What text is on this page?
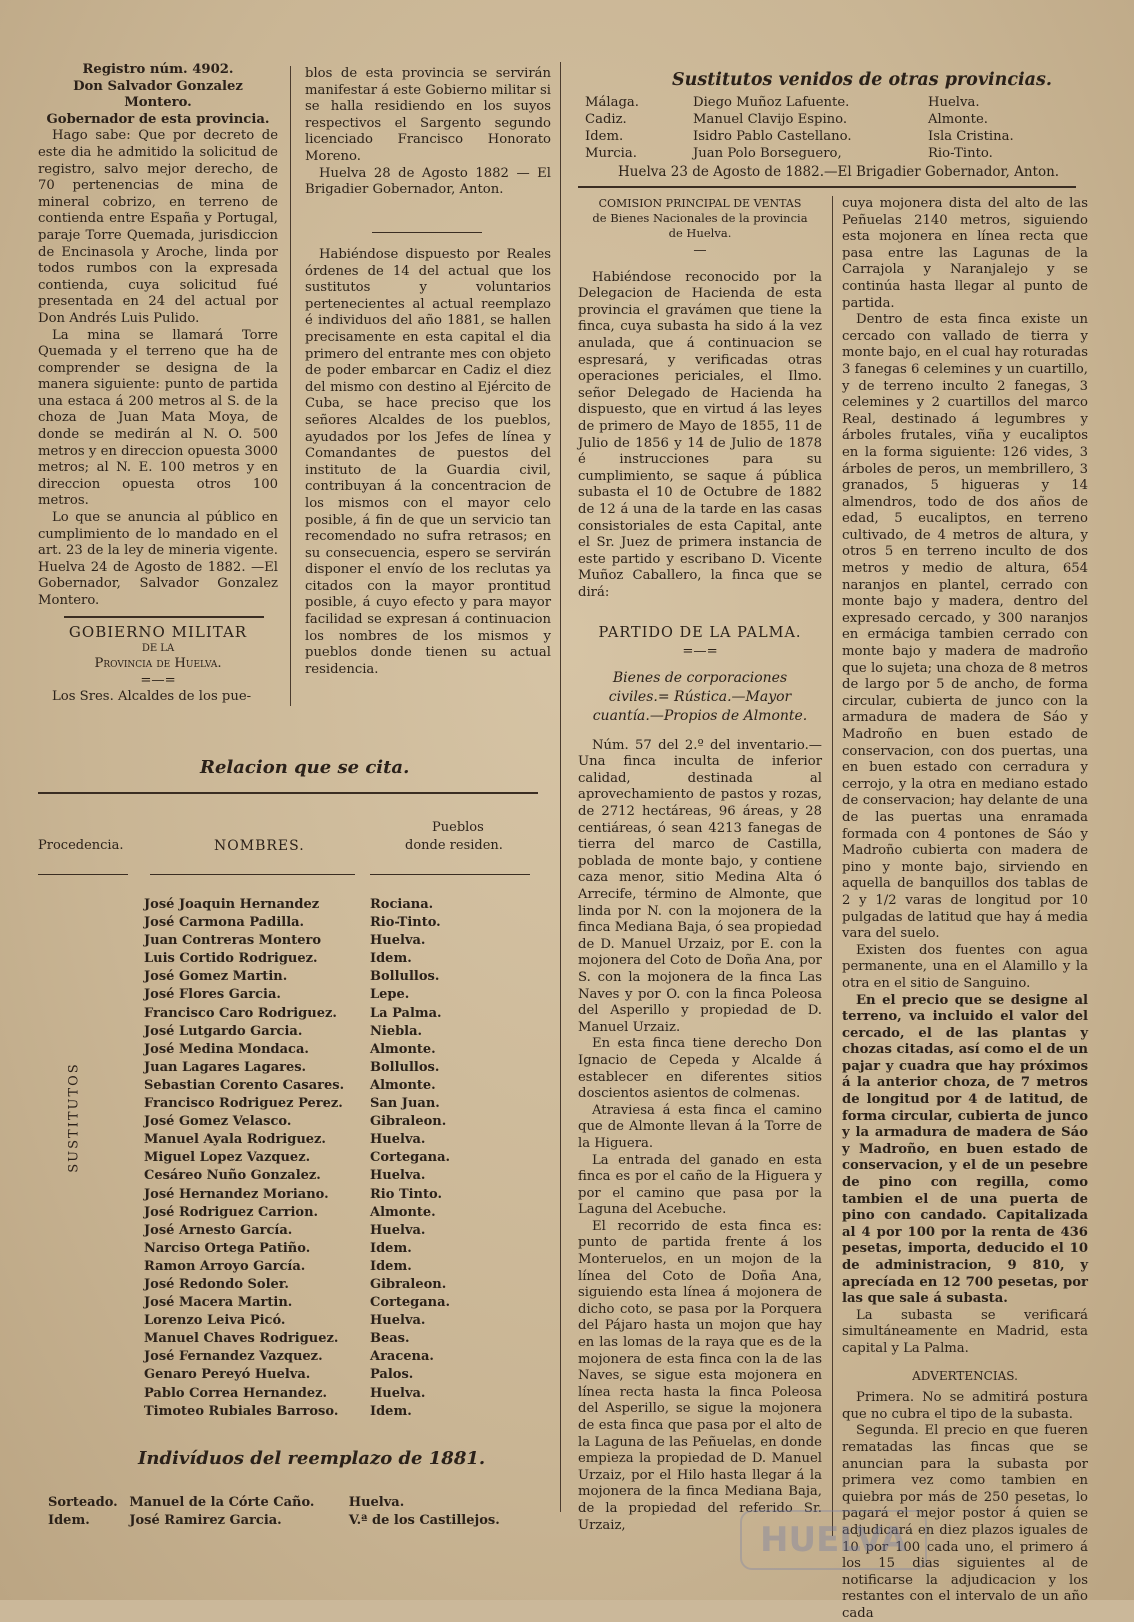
Registro núm. 4902.

Don Salvador Gonzalez Montero.

Gobernador de esta provincia.

Hago sabe: Que por decreto de este dia he admitido la solicitud de registro, salvo mejor derecho, de 70 pertenencias de mina de mineral cobrizo, en terreno de contienda entre España y Portugal, paraje Torre Quemada, jurisdiccion de Encinasola y Aroche, linda por todos rumbos con la expresada contienda, cuya solicitud fué presentada en 24 del actual por Don Andrés Luis Pulido.

La mina se llamará Torre Quemada y el terreno que ha de comprender se designa de la manera siguiente: punto de partida una estaca á 200 metros al S. de la choza de Juan Mata Moya, de donde se medirán al N. O. 500 metros y en direccion opuesta 3000 metros; al N. E. 100 metros y en direccion opuesta otros 100 metros.

Lo que se anuncia al público en cumplimiento de lo mandado en el art. 23 de la ley de mineria vigente. Huelva 24 de Agosto de 1882. —El Gobernador, Salvador Gonzalez Montero.

GOBIERNO MILITAR

DE LA

Provincia de Huelva.

=—=

Los Sres. Alcaldes de los pue-

blos de esta provincia se servirán manifestar á este Gobierno militar si se halla residiendo en los suyos respectivos el Sargento segundo licenciado Francisco Honorato Moreno.

Huelva 28 de Agosto 1882 — El Brigadier Gobernador, Anton.

Habiéndose dispuesto por Reales órdenes de 14 del actual que los sustitutos y voluntarios pertenecientes al actual reemplazo é individuos del año 1881, se hallen precisamente en esta capital el dia primero del entrante mes con objeto de poder embarcar en Cadiz el diez del mismo con destino al Ejército de Cuba, se hace preciso que los señores Alcaldes de los pueblos, ayudados por los Jefes de línea y Comandantes de puestos del instituto de la Guardia civil, contribuyan á la concentracion de los mismos con el mayor celo posible, á fin de que un servicio tan recomendado no sufra retrasos; en su consecuencia, espero se servirán disponer el envío de los reclutas ya citados con la mayor prontitud posible, á cuyo efecto y para mayor facilidad se expresan á continuacion los nombres de los mismos y pueblos donde tienen su actual residencia.

Relacion que se cita.
Procedencia.	NOMBRES.
Pueblos
donde residen.
SUSTITUTOS
José Joaquin Hernandez	Rociana.
José Carmona Padilla.	Rio-Tinto.
Juan Contreras Montero	Huelva.
Luis Cortido Rodriguez.	Idem.
José Gomez Martin.	Bollullos.
José Flores Garcia.	Lepe.
Francisco Caro Rodriguez.	La Palma.
José Lutgardo Garcia.	Niebla.
José Medina Mondaca.	Almonte.
Juan Lagares Lagares.	Bollullos.
Sebastian Corento Casares.	Almonte.
Francisco Rodriguez Perez.	San Juan.
José Gomez Velasco.	Gibraleon.
Manuel Ayala Rodriguez.	Huelva.
Miguel Lopez Vazquez.	Cortegana.
Cesáreo Nuño Gonzalez.	Huelva.
José Hernandez Moriano.	Rio Tinto.
José Rodriguez Carrion.	Almonte.
José Arnesto García.	Huelva.
Narciso Ortega Patiño.	Idem.
Ramon Arroyo García.	Idem.
José Redondo Soler.	Gibraleon.
José Macera Martin.	Cortegana.
Lorenzo Leiva Picó.	Huelva.
Manuel Chaves Rodriguez.	Beas.
José Fernandez Vazquez.	Aracena.
Genaro Pereyó Huelva.	Palos.
Pablo Correa Hernandez.	Huelva.
Timoteo Rubiales Barroso.	Idem.
Indivíduos del reemplazo de 1881.
Sorteado. Manuel de la Córte Caño.	Huelva.
Idem.	José Ramirez Garcia.	V.ª de los Castillejos.
Sustitutos venidos de otras provincias.
Málaga.	Diego Muñoz Lafuente.	Huelva.
Cadiz.	Manuel Clavijo Espino.	Almonte.
Idem.	Isidro Pablo Castellano.	Isla Cristina.
Murcia.	Juan Polo Borseguero,	Rio-Tinto.
Huelva 23 de Agosto de 1882.—El Brigadier Gobernador, Anton.

COMISION PRINCIPAL DE VENTAS

de Bienes Nacionales de la provincia

de Huelva.

—

Habiéndose reconocido por la Delegacion de Hacienda de esta provincia el gravámen que tiene la finca, cuya subasta ha sido á la vez anulada, que á continuacion se espresará, y verificadas otras operaciones periciales, el Ilmo. señor Delegado de Hacienda ha dispuesto, que en virtud á las leyes de primero de Mayo de 1855, 11 de Julio de 1856 y 14 de Julio de 1878 é instrucciones para su cumplimiento, se saque á pública subasta el 10 de Octubre de 1882 de 12 á una de la tarde en las casas consistoriales de esta Capital, ante el Sr. Juez de primera instancia de este partido y escribano D. Vicente Muñoz Caballero, la finca que se dirá:

PARTIDO DE LA PALMA.

=—=

Bienes de corporaciones civiles.= Rústica.—Mayor cuantía.—Propios de Almonte.

Núm. 57 del 2.º del inventario.—Una finca inculta de inferior calidad, destinada al aprovechamiento de pastos y rozas, de 2712 hectáreas, 96 áreas, y 28 centiáreas, ó sean 4213 fanegas de tierra del marco de Castilla, poblada de monte bajo, y contiene caza menor, sitio Medina Alta ó Arrecife, término de Almonte, que linda por N. con la mojonera de la finca Mediana Baja, ó sea propiedad de D. Manuel Urzaiz, por E. con la mojonera del Coto de Doña Ana, por S. con la mojonera de la finca Las Naves y por O. con la finca Poleosa del Asperillo y propiedad de D. Manuel Urzaiz.

En esta finca tiene derecho Don Ignacio de Cepeda y Alcalde á establecer en diferentes sitios doscientos asientos de colmenas.

Atraviesa á esta finca el camino que de Almonte llevan á la Torre de la Higuera.

La entrada del ganado en esta finca es por el caño de la Higuera y por el camino que pasa por la Laguna del Acebuche.

El recorrido de esta finca es: punto de partida frente á los Monteruelos, en un mojon de la línea del Coto de Doña Ana, siguiendo esta línea á mojonera de dicho coto, se pasa por la Porquera del Pájaro hasta un mojon que hay en las lomas de la raya que es de la mojonera de esta finca con la de las Naves, se sigue esta mojonera en línea recta hasta la finca Poleosa del Asperillo, se sigue la mojonera de esta finca que pasa por el alto de la Laguna de las Peñuelas, en donde empieza la propiedad de D. Manuel Urzaiz, por el Hilo hasta llegar á la mojonera de la finca Mediana Baja, de la propiedad del referido Sr. Urzaiz,

cuya mojonera dista del alto de las Peñuelas 2140 metros, siguiendo esta mojonera en línea recta que pasa entre las Lagunas de la Carrajola y Naranjalejo y se continúa hasta llegar al punto de partida.

Dentro de esta finca existe un cercado con vallado de tierra y monte bajo, en el cual hay roturadas 3 fanegas 6 celemines y un cuartillo, y de terreno inculto 2 fanegas, 3 celemines y 2 cuartillos del marco Real, destinado á legumbres y árboles frutales, viña y eucaliptos en la forma siguiente: 126 vides, 3 árboles de peros, un membrillero, 3 granados, 5 higueras y 14 almendros, todo de dos años de edad, 5 eucaliptos, en terreno cultivado, de 4 metros de altura, y otros 5 en terreno inculto de dos metros y medio de altura, 654 naranjos en plantel, cerrado con monte bajo y madera, dentro del expresado cercado, y 300 naranjos en ermáciga tambien cerrado con monte bajo y madera de madroño que lo sujeta; una choza de 8 metros de largo por 5 de ancho, de forma circular, cubierta de junco con la armadura de madera de Sáo y Madroño en buen estado de conservacion, con dos puertas, una en buen estado con cerradura y cerrojo, y la otra en mediano estado de conservacion; hay delante de una de las puertas una enramada formada con 4 pontones de Sáo y Madroño cubierta con madera de pino y monte bajo, sirviendo en aquella de banquillos dos tablas de 2 y 1/2 varas de longitud por 10 pulgadas de latitud que hay á media vara del suelo.

Existen dos fuentes con agua permanente, una en el Alamillo y la otra en el sitio de Sanguino.

En el precio que se designe al terreno, va incluido el valor del cercado, el de las plantas y chozas citadas, así como el de un pajar y cuadra que hay próximos á la anterior choza, de 7 metros de longitud por 4 de latitud, de forma circular, cubierta de junco y la armadura de madera de Sáo y Madroño, en buen estado de conservacion, y el de un pesebre de pino con regilla, como tambien el de una puerta de pino con candado. Capitalizada al 4 por 100 por la renta de 436 pesetas, importa, deducido el 10 de administracion, 9 810, y aprecíada en 12 700 pesetas, por las que sale á subasta.

La subasta se verificará simultáneamente en Madrid, esta capital y La Palma.

ADVERTENCIAS.

Primera. No se admitirá postura que no cubra el tipo de la subasta.

Segunda. El precio en que fueren rematadas las fincas que se anuncian para la subasta por primera vez como tambien en quiebra por más de 250 pesetas, lo pagará el mejor postor á quien se adjudicará en diez plazos iguales de 10 por 100 cada uno, el primero á los 15 dias siguientes al de notificarse la adjudicacion y los restantes con el intervalo de un año cada

HUELVA
